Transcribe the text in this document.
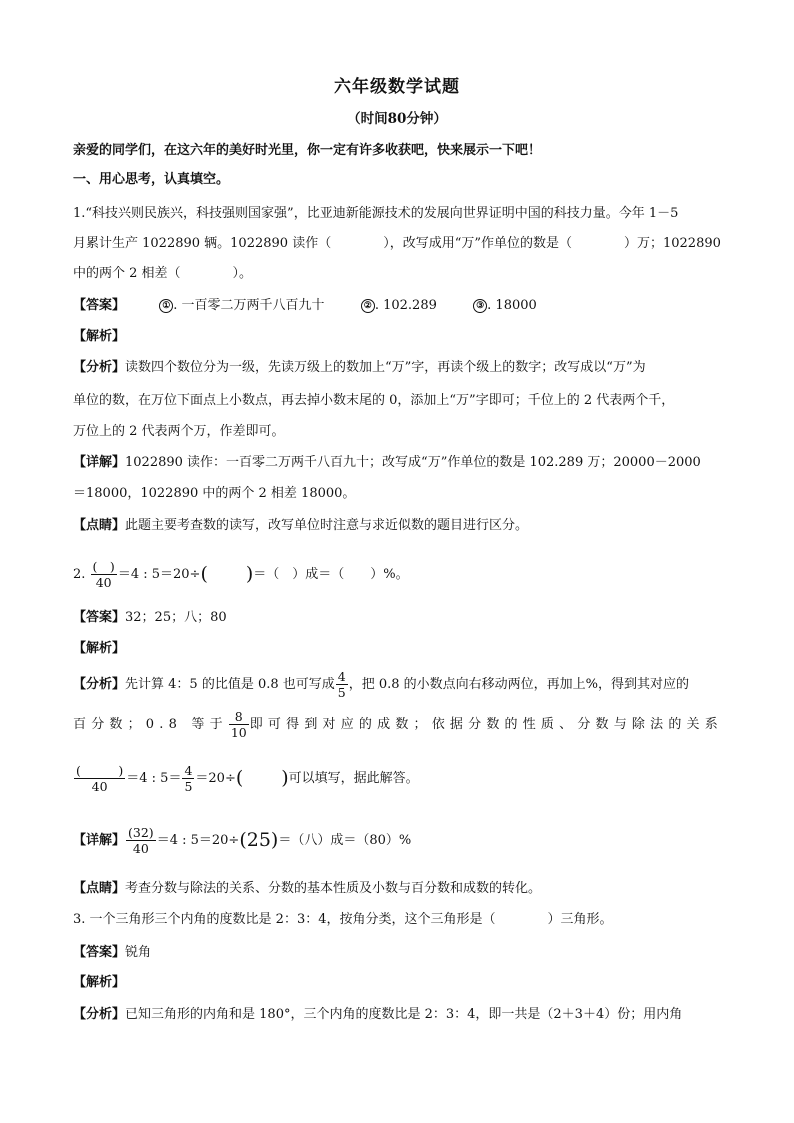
六年级数学试题
（时间80分钟）
亲爱的同学们，在这六年的美好时光里，你一定有许多收获吧，快来展示一下吧！
一、用心思考，认真填空。
1.“科技兴则民族兴，科技强则国家强”，比亚迪新能源技术的发展向世界证明中国的科技力量。今年 1－5
月累计生产 1022890 辆。1022890 读作（　　　　），改写成用“万”作单位的数是（　　　　）万；1022890
中的两个 2 相差（　　　　）。
【答案】	① . 一百零二万两千八百九十	② . 102.289	③ . 18000
【解析】
【分析】读数四个数位分为一级，先读万级上的数加上“万”字，再读个级上的数字；改写成以“万”为
单位的数，在万位下面点上小数点，再去掉小数末尾的 0，添加上“万”字即可；千位上的 2 代表两个千，
万位上的 2 代表两个万，作差即可。
【详解】1022890 读作：一百零二万两千八百九十；改写成“万”作单位的数是 102.289 万；20000－2000
＝18000，1022890 中的两个 2 相差 18000。
【点睛】此题主要考查数的读写，改写单位时注意与求近似数的题目进行区分。
2. $\frac{( )}{40} =4$ : 5＝20÷(　　)＝（　）成＝（　　）%。
【答案】32；25；八；80
【解析】
【分析】先计算 4：5 的比值是 0.8 也可写成 $\frac{4}{5}$ ，把 0.8 的小数点向右移动两位，再加上%，得到其对应的
百分数；0.8 等于 $\frac{8}{10}$ 即可得到对应的成数；依据分数的性质、分数与除法的关系
$\frac{( )}{40} =4$ : $5= \frac{4}{5} =20\div$(　　)可以填写，据此解答。
【详解】 $\frac{(32)}{40} =4$ : 5＝20÷(25)＝（八）成＝（80）%
【点睛】考查分数与除法的关系、分数的基本性质及小数与百分数和成数的转化。
3. 一个三角形三个内角的度数比是 2：3：4，按角分类，这个三角形是（　　　　）三角形。
【答案】锐角
【解析】
【分析】已知三角形的内角和是 180°，三个内角的度数比是 2：3：4，即一共是（2＋3＋4）份；用内角
